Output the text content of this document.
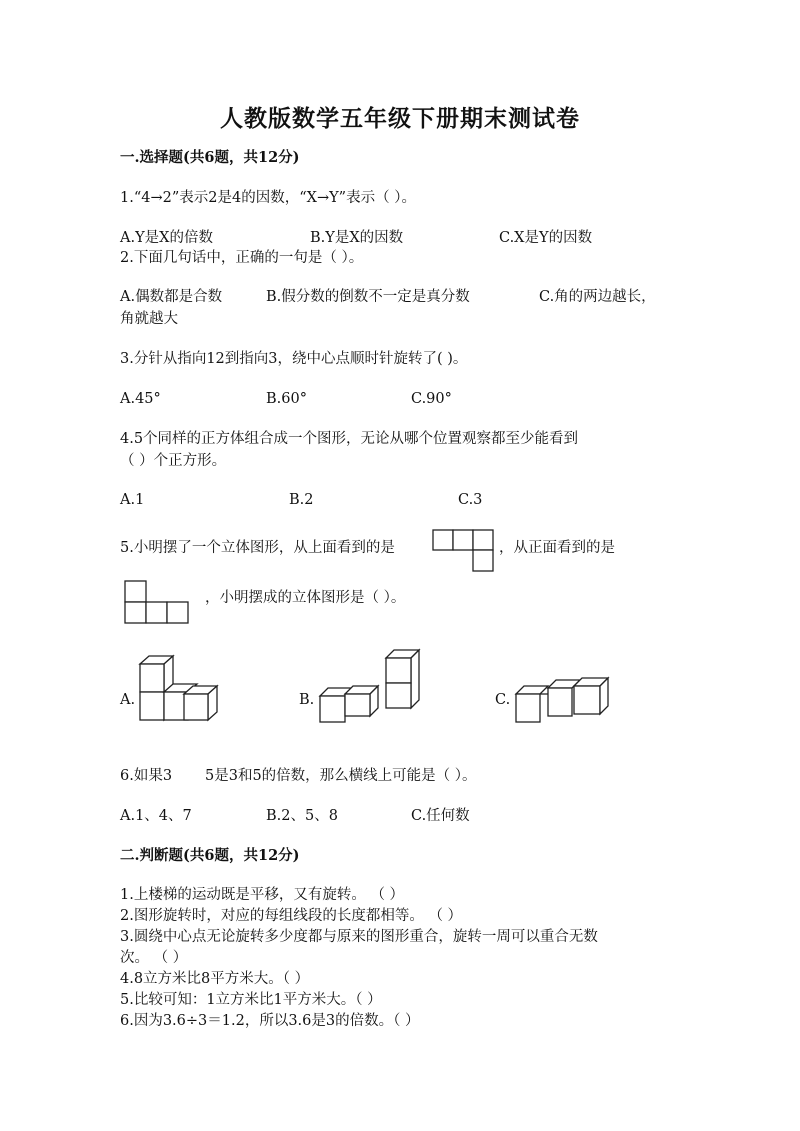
人教版数学五年级下册期末测试卷
一.选择题(共6题，共12分)
1.“4→2”表示2是4的因数，“X→Y”表示（ ）。
A.Y是X的倍数	B.Y是X的因数	C.X是Y的因数
2.下面几句话中，正确的一句是（ ）。
A.偶数都是合数	B.假分数的倒数不一定是真分数	C.角的两边越长，
角就越大
3.分针从指向12到指向3，绕中心点顺时针旋转了( )。
A.45°	B.60°	C.90°
4.5个同样的正方体组合成一个图形，无论从哪个位置观察都至少能看到
（ ）个正方形。
A.1	B.2	C.3
5.小明摆了一个立体图形，从上面看到的是	，从正面看到的是
，小明摆成的立体图形是（ ）。
A.	B.	C.
6.如果3 5是3和5的倍数，那么横线上可能是（ ）。
A.1、4、7	B.2、5、8	C.任何数
二.判断题(共6题，共12分)
1.上楼梯的运动既是平移，又有旋转。 （ ）
2.图形旋转时，对应的每组线段的长度都相等。 （ ）
3.圆绕中心点无论旋转多少度都与原来的图形重合，旋转一周可以重合无数
次。 （ ）
4.8立方米比8平方米大。（ ）
5.比较可知：1立方米比1平方米大。（ ）
6.因为3.6÷3＝1.2，所以3.6是3的倍数。（ ）
